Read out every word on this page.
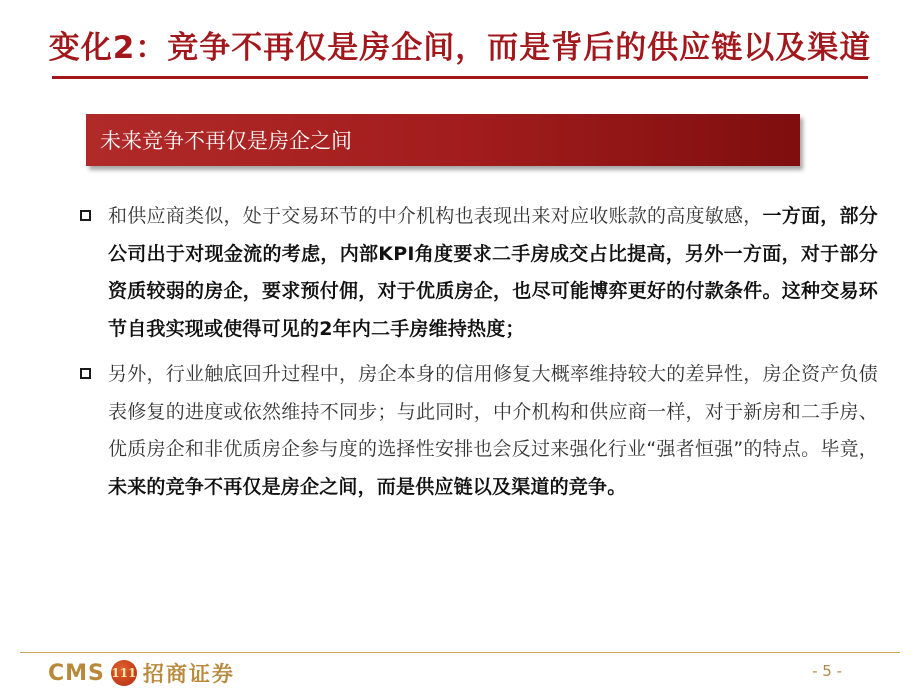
变化2：竞争不再仅是房企间，而是背后的供应链以及渠道
未来竞争不再仅是房企之间
和供应商类似，处于交易环节的中介机构也表现出来对应收账款的高度敏感，一方面，部分公司出于对现金流的考虑，内部KPI角度要求二手房成交占比提高，另外一方面，对于部分资质较弱的房企，要求预付佣，对于优质房企，也尽可能博弈更好的付款条件。这种交易环节自我实现或使得可见的2年内二手房维持热度；
另外，行业触底回升过程中，房企本身的信用修复大概率维持较大的差异性，房企资产负债表修复的进度或依然维持不同步；与此同时，中介机构和供应商一样，对于新房和二手房、优质房企和非优质房企参与度的选择性安排也会反过来强化行业“强者恒强”的特点。毕竟，未来的竞争不再仅是房企之间，而是供应链以及渠道的竞争。
CMS 111 招商证券	- 5 -
